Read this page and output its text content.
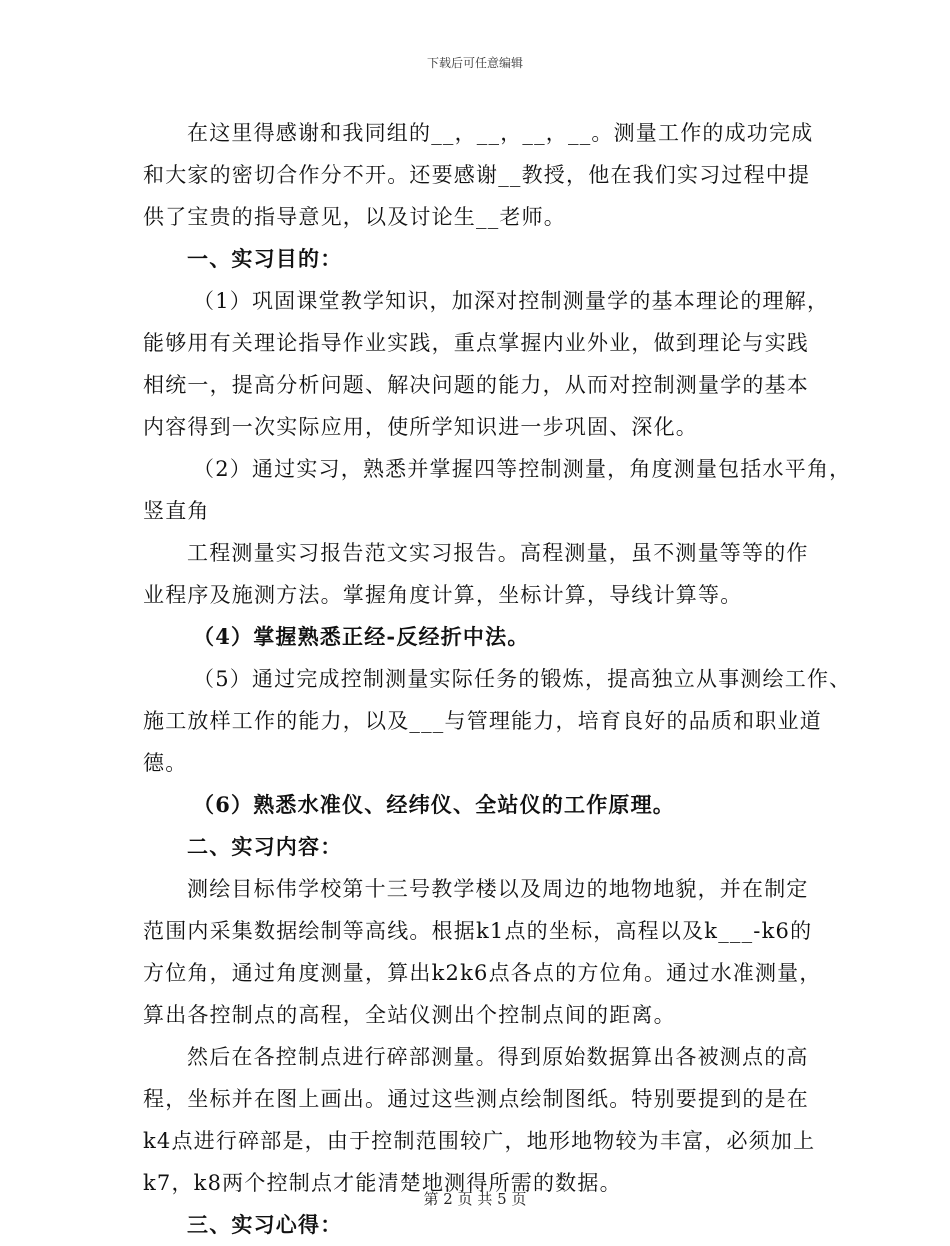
下载后可任意编辑
在这里得感谢和我同组的__，__，__，__。测量工作的成功完成
和大家的密切合作分不开。还要感谢__教授，他在我们实习过程中提
供了宝贵的指导意见，以及讨论生__老师。
一、实习目的：
（1）巩固课堂教学知识，加深对控制测量学的基本理论的理解，
能够用有关理论指导作业实践，重点掌握内业外业，做到理论与实践
相统一，提高分析问题、解决问题的能力，从而对控制测量学的基本
内容得到一次实际应用，使所学知识进一步巩固、深化。
（2）通过实习，熟悉并掌握四等控制测量，角度测量包括水平角，
竖直角
工程测量实习报告范文实习报告。高程测量，虽不测量等等的作
业程序及施测方法。掌握角度计算，坐标计算，导线计算等。
（4）掌握熟悉正经-反经折中法。
（5）通过完成控制测量实际任务的锻炼，提高独立从事测绘工作、
施工放样工作的能力，以及___与管理能力，培育良好的品质和职业道
德。
（6）熟悉水准仪、经纬仪、全站仪的工作原理。
二、实习内容：
测绘目标伟学校第十三号教学楼以及周边的地物地貌，并在制定
范围内采集数据绘制等高线。根据k1点的坐标，高程以及k___-k6的
方位角，通过角度测量，算出k2k6点各点的方位角。通过水准测量，
算出各控制点的高程，全站仪测出个控制点间的距离。
然后在各控制点进行碎部测量。得到原始数据算出各被测点的高
程，坐标并在图上画出。通过这些测点绘制图纸。特别要提到的是在
k4点进行碎部是，由于控制范围较广，地形地物较为丰富，必须加上
k7，k8两个控制点才能清楚地测得所需的数据。
三、实习心得：
第 2 页 共 5 页
